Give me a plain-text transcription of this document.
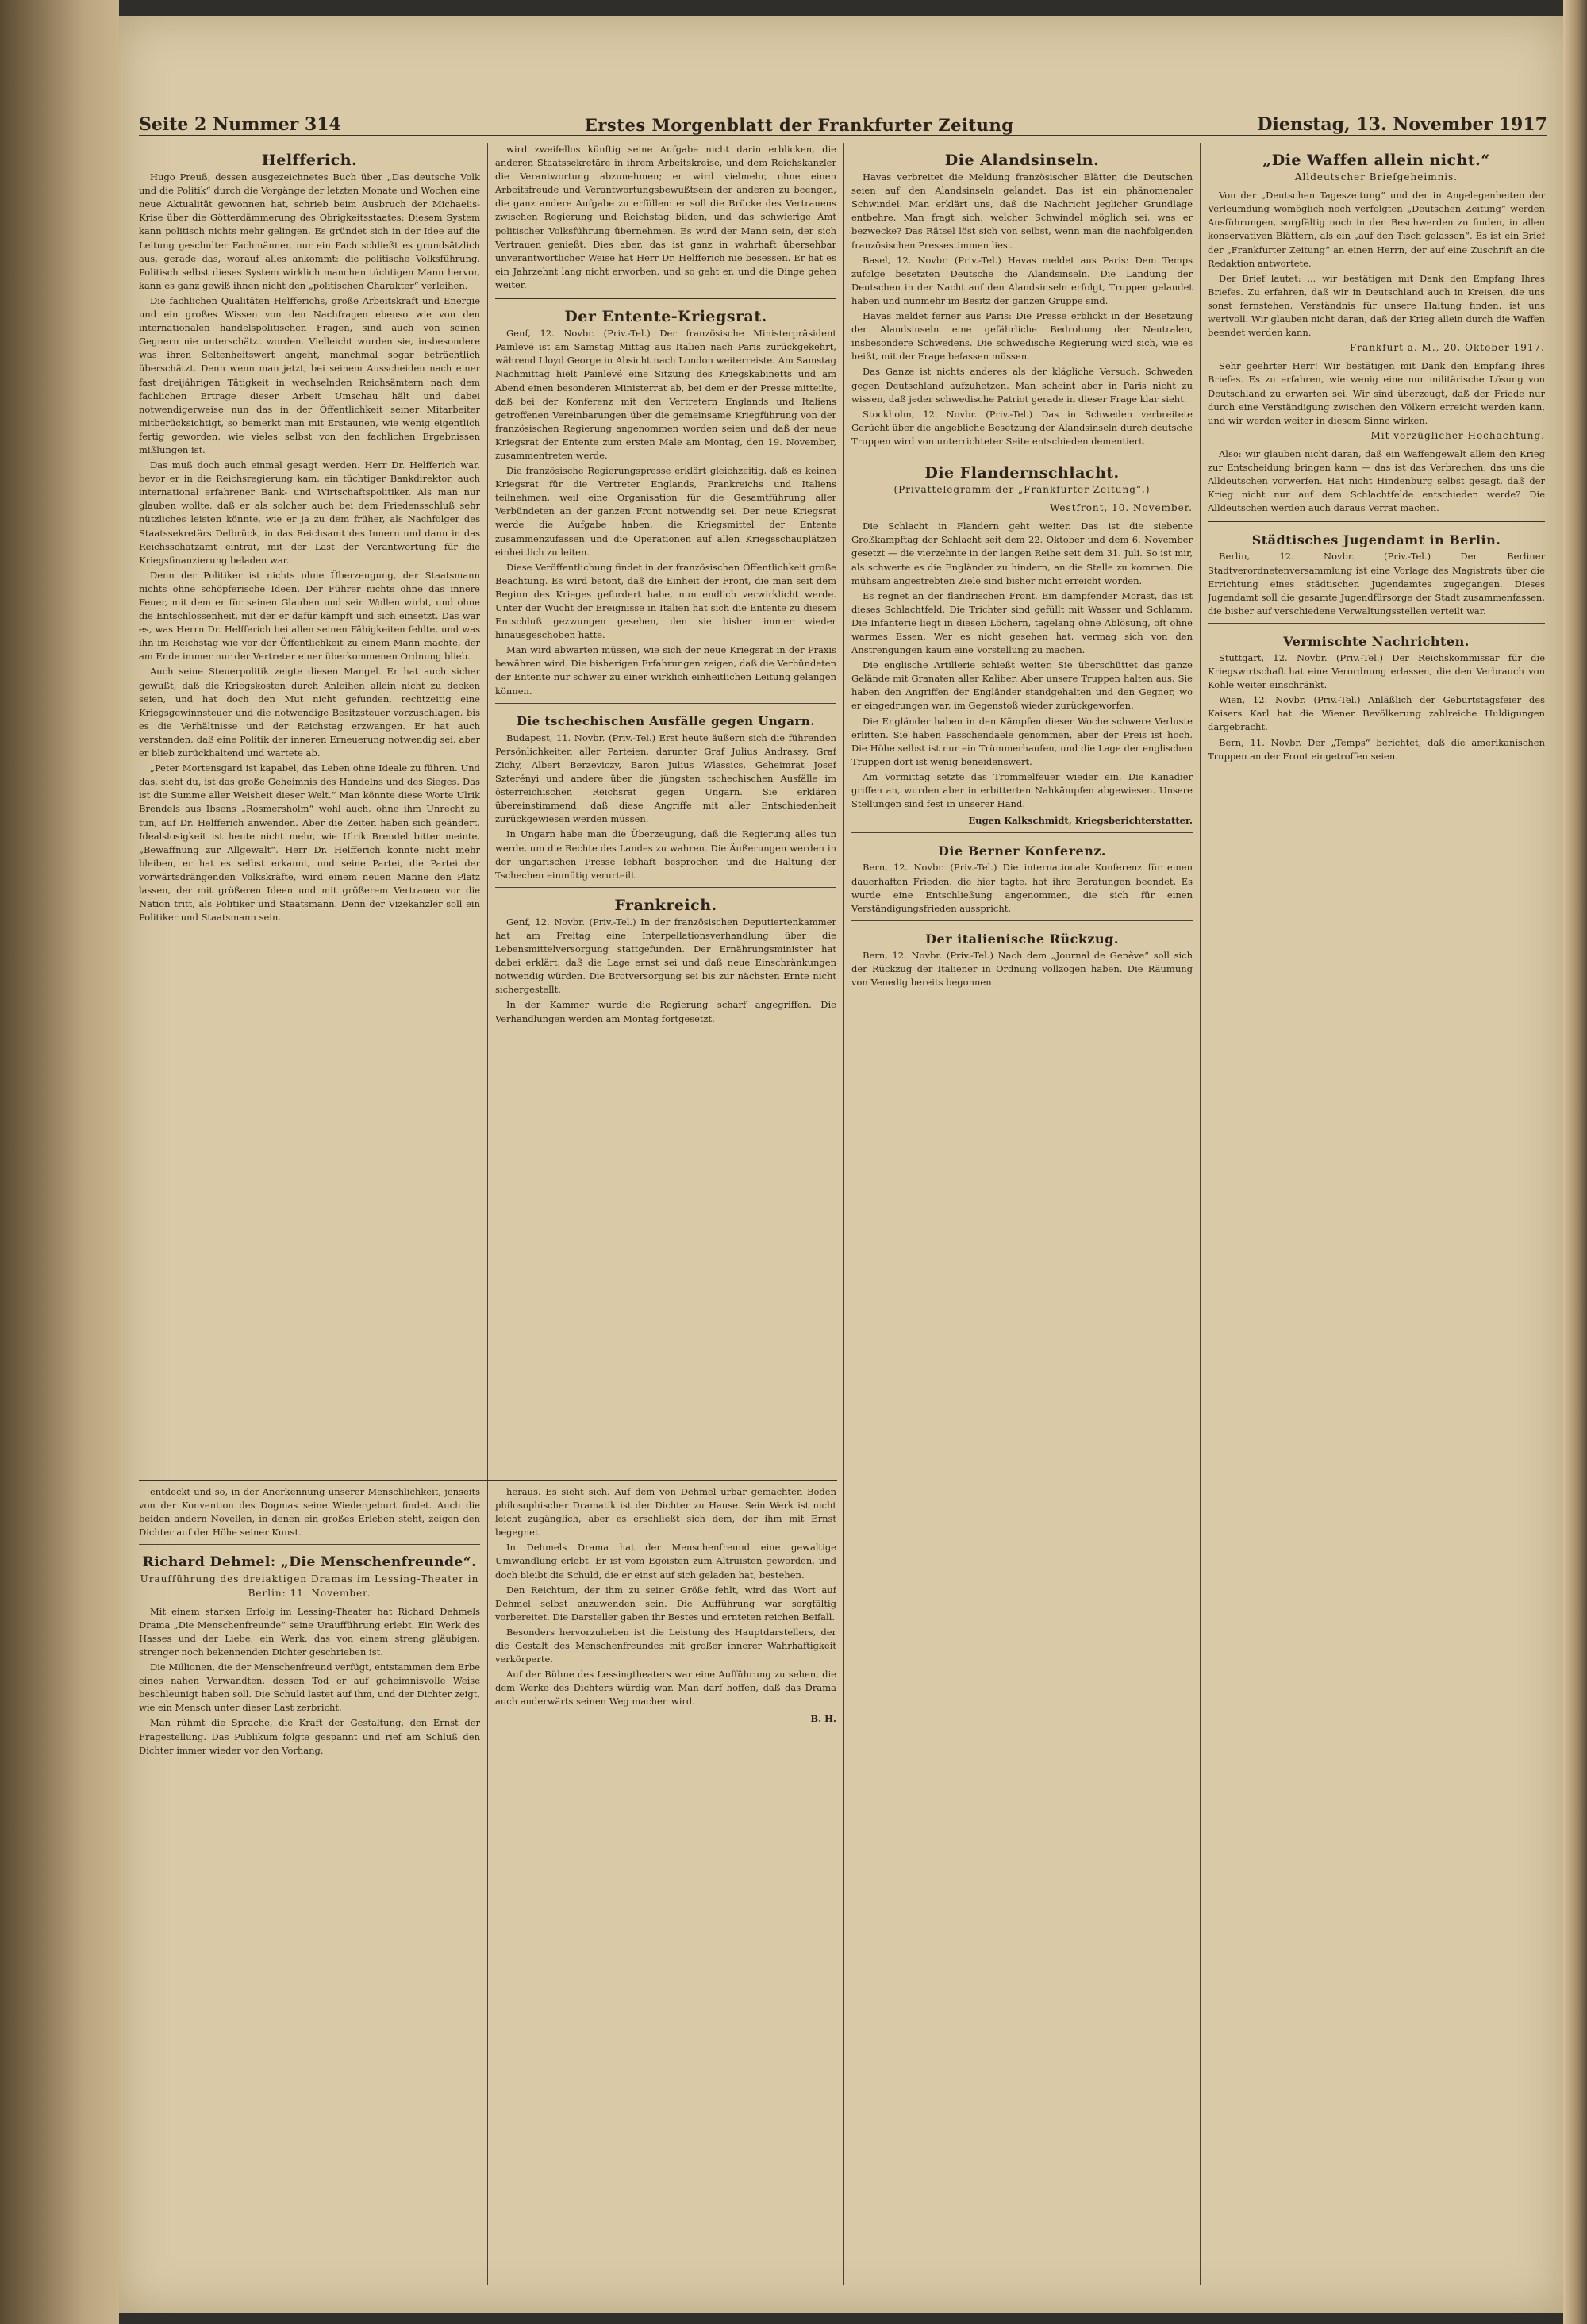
Seite 2 Nummer 314	Erstes Morgenblatt der Frankfurter Zeitung	Dienstag, 13. November 1917
Helfferich.

Hugo Preuß, dessen ausgezeichnetes Buch über „Das deutsche Volk und die Politik“ durch die Vorgänge der letzten Monate und Wochen eine neue Aktualität gewonnen hat, schrieb beim Ausbruch der Michaelis-Krise über die Götterdämmerung des Obrigkeitsstaates: Diesem System kann politisch nichts mehr gelingen. Es gründet sich in der Idee auf die Leitung geschulter Fachmänner, nur ein Fach schließt es grundsätzlich aus, gerade das, worauf alles ankommt: die politische Volksführung. Politisch selbst dieses System wirklich manchen tüchtigen Mann hervor, kann es ganz gewiß ihnen nicht den „politischen Charakter“ verleihen.

Die fachlichen Qualitäten Helfferichs, große Arbeitskraft und Energie und ein großes Wissen von den Nachfragen ebenso wie von den internationalen handelspolitischen Fragen, sind auch von seinen Gegnern nie unterschätzt worden. Vielleicht wurden sie, insbesondere was ihren Seltenheitswert angeht, manchmal sogar beträchtlich überschätzt. Denn wenn man jetzt, bei seinem Ausscheiden nach einer fast dreijährigen Tätigkeit in wechselnden Reichsämtern nach dem fachlichen Ertrage dieser Arbeit Umschau hält und dabei notwendigerweise nun das in der Öffentlichkeit seiner Mitarbeiter mitberücksichtigt, so bemerkt man mit Erstaunen, wie wenig eigentlich fertig geworden, wie vieles selbst von den fachlichen Ergebnissen mißlungen ist.

Das muß doch auch einmal gesagt werden. Herr Dr. Helfferich war, bevor er in die Reichsregierung kam, ein tüchtiger Bankdirektor, auch international erfahrener Bank- und Wirtschaftspolitiker. Als man nur glauben wollte, daß er als solcher auch bei dem Friedensschluß sehr nützliches leisten könnte, wie er ja zu dem früher, als Nachfolger des Staatssekretärs Delbrück, in das Reichsamt des Innern und dann in das Reichsschatzamt eintrat, mit der Last der Verantwortung für die Kriegsfinanzierung beladen war.

Denn der Politiker ist nichts ohne Überzeugung, der Staatsmann nichts ohne schöpferische Ideen. Der Führer nichts ohne das innere Feuer, mit dem er für seinen Glauben und sein Wollen wirbt, und ohne die Entschlossenheit, mit der er dafür kämpft und sich einsetzt. Das war es, was Herrn Dr. Helfferich bei allen seinen Fähigkeiten fehlte, und was ihn im Reichstag wie vor der Öffentlichkeit zu einem Mann machte, der am Ende immer nur der Vertreter einer überkommenen Ordnung blieb.

Auch seine Steuerpolitik zeigte diesen Mangel. Er hat auch sicher gewußt, daß die Kriegskosten durch Anleihen allein nicht zu decken seien, und hat doch den Mut nicht gefunden, rechtzeitig eine Kriegsgewinnsteuer und die notwendige Besitzsteuer vorzuschlagen, bis es die Verhältnisse und der Reichstag erzwangen. Er hat auch verstanden, daß eine Politik der inneren Erneuerung notwendig sei, aber er blieb zurückhaltend und wartete ab.

„Peter Mortensgard ist kapabel, das Leben ohne Ideale zu führen. Und das, sieht du, ist das große Geheimnis des Handelns und des Sieges. Das ist die Summe aller Weisheit dieser Welt.“ Man könnte diese Worte Ulrik Brendels aus Ibsens „Rosmersholm“ wohl auch, ohne ihm Unrecht zu tun, auf Dr. Helfferich anwenden. Aber die Zeiten haben sich geändert. Idealslosigkeit ist heute nicht mehr, wie Ulrik Brendel bitter meinte, „Bewaffnung zur Allgewalt“. Herr Dr. Helfferich konnte nicht mehr bleiben, er hat es selbst erkannt, und seine Partei, die Partei der vorwärtsdrängenden Volkskräfte, wird einem neuen Manne den Platz lassen, der mit größeren Ideen und mit größerem Vertrauen vor die Nation tritt, als Politiker und Staatsmann. Denn der Vizekanzler soll ein Politiker und Staatsmann sein.

wird zweifellos künftig seine Aufgabe nicht darin erblicken, die anderen Staatssekretäre in ihrem Arbeitskreise, und dem Reichskanzler die Verantwortung abzunehmen; er wird vielmehr, ohne einen Arbeitsfreude und Verantwortungsbewußtsein der anderen zu beengen, die ganz andere Aufgabe zu erfüllen: er soll die Brücke des Vertrauens zwischen Regierung und Reichstag bilden, und das schwierige Amt politischer Volksführung übernehmen. Es wird der Mann sein, der sich Vertrauen genießt. Dies aber, das ist ganz in wahrhaft übersehbar unverantwortlicher Weise hat Herr Dr. Helfferich nie besessen. Er hat es ein Jahrzehnt lang nicht erworben, und so geht er, und die Dinge gehen weiter.

Der Entente-Kriegsrat.

Genf, 12. Novbr. (Priv.-Tel.) Der französische Ministerpräsident Painlevé ist am Samstag Mittag aus Italien nach Paris zurückgekehrt, während Lloyd George in Absicht nach London weiterreiste. Am Samstag Nachmittag hielt Painlevé eine Sitzung des Kriegskabinetts und am Abend einen besonderen Ministerrat ab, bei dem er der Presse mitteilte, daß bei der Konferenz mit den Vertretern Englands und Italiens getroffenen Vereinbarungen über die gemeinsame Kriegführung von der französischen Regierung angenommen worden seien und daß der neue Kriegsrat der Entente zum ersten Male am Montag, den 19. November, zusammentreten werde.

Die französische Regierungspresse erklärt gleichzeitig, daß es keinen Kriegsrat für die Vertreter Englands, Frankreichs und Italiens teilnehmen, weil eine Organisation für die Gesamtführung aller Verbündeten an der ganzen Front notwendig sei. Der neue Kriegsrat werde die Aufgabe haben, die Kriegsmittel der Entente zusammenzufassen und die Operationen auf allen Kriegsschauplätzen einheitlich zu leiten.

Diese Veröffentlichung findet in der französischen Öffentlichkeit große Beachtung. Es wird betont, daß die Einheit der Front, die man seit dem Beginn des Krieges gefordert habe, nun endlich verwirklicht werde. Unter der Wucht der Ereignisse in Italien hat sich die Entente zu diesem Entschluß gezwungen gesehen, den sie bisher immer wieder hinausgeschoben hatte.

Man wird abwarten müssen, wie sich der neue Kriegsrat in der Praxis bewähren wird. Die bisherigen Erfahrungen zeigen, daß die Verbündeten der Entente nur schwer zu einer wirklich einheitlichen Leitung gelangen können.

Die tschechischen Ausfälle gegen Ungarn.

Budapest, 11. Novbr. (Priv.-Tel.) Erst heute äußern sich die führenden Persönlichkeiten aller Parteien, darunter Graf Julius Andrassy, Graf Zichy, Albert Berzeviczy, Baron Julius Wlassics, Geheimrat Josef Szterényi und andere über die jüngsten tschechischen Ausfälle im österreichischen Reichsrat gegen Ungarn. Sie erklären übereinstimmend, daß diese Angriffe mit aller Entschiedenheit zurückgewiesen werden müssen.

In Ungarn habe man die Überzeugung, daß die Regierung alles tun werde, um die Rechte des Landes zu wahren. Die Äußerungen werden in der ungarischen Presse lebhaft besprochen und die Haltung der Tschechen einmütig verurteilt.

Frankreich.

Genf, 12. Novbr. (Priv.-Tel.) In der französischen Deputiertenkammer hat am Freitag eine Interpellationsverhandlung über die Lebensmittelversorgung stattgefunden. Der Ernährungsminister hat dabei erklärt, daß die Lage ernst sei und daß neue Einschränkungen notwendig würden. Die Brotversorgung sei bis zur nächsten Ernte nicht sichergestellt.

In der Kammer wurde die Regierung scharf angegriffen. Die Verhandlungen werden am Montag fortgesetzt.

Die Alandsinseln.

Havas verbreitet die Meldung französischer Blätter, die Deutschen seien auf den Alandsinseln gelandet. Das ist ein phänomenaler Schwindel. Man erklärt uns, daß die Nachricht jeglicher Grundlage entbehre. Man fragt sich, welcher Schwindel möglich sei, was er bezwecke? Das Rätsel löst sich von selbst, wenn man die nachfolgenden französischen Pressestimmen liest.

Basel, 12. Novbr. (Priv.-Tel.) Havas meldet aus Paris: Dem Temps zufolge besetzten Deutsche die Alandsinseln. Die Landung der Deutschen in der Nacht auf den Alandsinseln erfolgt, Truppen gelandet haben und nunmehr im Besitz der ganzen Gruppe sind.

Havas meldet ferner aus Paris: Die Presse erblickt in der Besetzung der Alandsinseln eine gefährliche Bedrohung der Neutralen, insbesondere Schwedens. Die schwedische Regierung wird sich, wie es heißt, mit der Frage befassen müssen.

Das Ganze ist nichts anderes als der klägliche Versuch, Schweden gegen Deutschland aufzuhetzen. Man scheint aber in Paris nicht zu wissen, daß jeder schwedische Patriot gerade in dieser Frage klar sieht.

Stockholm, 12. Novbr. (Priv.-Tel.) Das in Schweden verbreitete Gerücht über die angebliche Besetzung der Alandsinseln durch deutsche Truppen wird von unterrichteter Seite entschieden dementiert.

Die Flandernschlacht.
(Privattelegramm der „Frankfurter Zeitung“.)
Westfront, 10. November.

Die Schlacht in Flandern geht weiter. Das ist die siebente Großkampftag der Schlacht seit dem 22. Oktober und dem 6. November gesetzt — die vierzehnte in der langen Reihe seit dem 31. Juli. So ist mir, als schwerte es die Engländer zu hindern, an die Stelle zu kommen. Die mühsam angestrebten Ziele sind bisher nicht erreicht worden.

Es regnet an der flandrischen Front. Ein dampfender Morast, das ist dieses Schlachtfeld. Die Trichter sind gefüllt mit Wasser und Schlamm. Die Infanterie liegt in diesen Löchern, tagelang ohne Ablösung, oft ohne warmes Essen. Wer es nicht gesehen hat, vermag sich von den Anstrengungen kaum eine Vorstellung zu machen.

Die englische Artillerie schießt weiter. Sie überschüttet das ganze Gelände mit Granaten aller Kaliber. Aber unsere Truppen halten aus. Sie haben den Angriffen der Engländer standgehalten und den Gegner, wo er eingedrungen war, im Gegenstoß wieder zurückgeworfen.

Die Engländer haben in den Kämpfen dieser Woche schwere Verluste erlitten. Sie haben Passchendaele genommen, aber der Preis ist hoch. Die Höhe selbst ist nur ein Trümmerhaufen, und die Lage der englischen Truppen dort ist wenig beneidenswert.

Am Vormittag setzte das Trommelfeuer wieder ein. Die Kanadier griffen an, wurden aber in erbitterten Nahkämpfen abgewiesen. Unsere Stellungen sind fest in unserer Hand.

Eugen Kalkschmidt, Kriegsberichterstatter.
Die Berner Konferenz.

Bern, 12. Novbr. (Priv.-Tel.) Die internationale Konferenz für einen dauerhaften Frieden, die hier tagte, hat ihre Beratungen beendet. Es wurde eine Entschließung angenommen, die sich für einen Verständigungsfrieden ausspricht.

Der italienische Rückzug.

Bern, 12. Novbr. (Priv.-Tel.) Nach dem „Journal de Genève“ soll sich der Rückzug der Italiener in Ordnung vollzogen haben. Die Räumung von Venedig bereits begonnen.

„Die Waffen allein nicht.“
Alldeutscher Briefgeheimnis.

Von der „Deutschen Tageszeitung“ und der in Angelegenheiten der Verleumdung womöglich noch verfolgten „Deutschen Zeitung“ werden Ausführungen, sorgfältig noch in den Beschwerden zu finden, in allen konservativen Blättern, als ein „auf den Tisch gelassen“. Es ist ein Brief der „Frankfurter Zeitung“ an einen Herrn, der auf eine Zuschrift an die Redaktion antwortete.

Der Brief lautet: ... wir bestätigen mit Dank den Empfang Ihres Briefes. Zu erfahren, daß wir in Deutschland auch in Kreisen, die uns sonst fernstehen, Verständnis für unsere Haltung finden, ist uns wertvoll. Wir glauben nicht daran, daß der Krieg allein durch die Waffen beendet werden kann.

Frankfurt a. M., 20. Oktober 1917.

Sehr geehrter Herr! Wir bestätigen mit Dank den Empfang Ihres Briefes. Es zu erfahren, wie wenig eine nur militärische Lösung von Deutschland zu erwarten sei. Wir sind überzeugt, daß der Friede nur durch eine Verständigung zwischen den Völkern erreicht werden kann, und wir werden weiter in diesem Sinne wirken.

Mit vorzüglicher Hochachtung.

Also: wir glauben nicht daran, daß ein Waffengewalt allein den Krieg zur Entscheidung bringen kann — das ist das Verbrechen, das uns die Alldeutschen vorwerfen. Hat nicht Hindenburg selbst gesagt, daß der Krieg nicht nur auf dem Schlachtfelde entschieden werde? Die Alldeutschen werden auch daraus Verrat machen.

Städtisches Jugendamt in Berlin.

Berlin, 12. Novbr. (Priv.-Tel.) Der Berliner Stadtverordnetenversammlung ist eine Vorlage des Magistrats über die Errichtung eines städtischen Jugendamtes zugegangen. Dieses Jugendamt soll die gesamte Jugendfürsorge der Stadt zusammenfassen, die bisher auf verschiedene Verwaltungsstellen verteilt war.

Vermischte Nachrichten.

Stuttgart, 12. Novbr. (Priv.-Tel.) Der Reichskommissar für die Kriegswirtschaft hat eine Verordnung erlassen, die den Verbrauch von Kohle weiter einschränkt.

Wien, 12. Novbr. (Priv.-Tel.) Anläßlich der Geburtstagsfeier des Kaisers Karl hat die Wiener Bevölkerung zahlreiche Huldigungen dargebracht.

Bern, 11. Novbr. Der „Temps“ berichtet, daß die amerikanischen Truppen an der Front eingetroffen seien.

entdeckt und so, in der Anerkennung unserer Menschlichkeit, jenseits von der Konvention des Dogmas seine Wiedergeburt findet. Auch die beiden andern Novellen, in denen ein großes Erleben steht, zeigen den Dichter auf der Höhe seiner Kunst.

Richard Dehmel: „Die Menschenfreunde“.
Uraufführung des dreiaktigen Dramas im Lessing-Theater in Berlin: 11. November.

Mit einem starken Erfolg im Lessing-Theater hat Richard Dehmels Drama „Die Menschenfreunde“ seine Uraufführung erlebt. Ein Werk des Hasses und der Liebe, ein Werk, das von einem streng gläubigen, strenger noch bekennenden Dichter geschrieben ist.

Die Millionen, die der Menschenfreund verfügt, entstammen dem Erbe eines nahen Verwandten, dessen Tod er auf geheimnisvolle Weise beschleunigt haben soll. Die Schuld lastet auf ihm, und der Dichter zeigt, wie ein Mensch unter dieser Last zerbricht.

Man rühmt die Sprache, die Kraft der Gestaltung, den Ernst der Fragestellung. Das Publikum folgte gespannt und rief am Schluß den Dichter immer wieder vor den Vorhang.

heraus. Es sieht sich. Auf dem von Dehmel urbar gemachten Boden philosophischer Dramatik ist der Dichter zu Hause. Sein Werk ist nicht leicht zugänglich, aber es erschließt sich dem, der ihm mit Ernst begegnet.

In Dehmels Drama hat der Menschenfreund eine gewaltige Umwandlung erlebt. Er ist vom Egoisten zum Altruisten geworden, und doch bleibt die Schuld, die er einst auf sich geladen hat, bestehen.

Den Reichtum, der ihm zu seiner Größe fehlt, wird das Wort auf Dehmel selbst anzuwenden sein. Die Aufführung war sorgfältig vorbereitet. Die Darsteller gaben ihr Bestes und ernteten reichen Beifall.

Besonders hervorzuheben ist die Leistung des Hauptdarstellers, der die Gestalt des Menschenfreundes mit großer innerer Wahrhaftigkeit verkörperte.

Auf der Bühne des Lessingtheaters war eine Aufführung zu sehen, die dem Werke des Dichters würdig war. Man darf hoffen, daß das Drama auch anderwärts seinen Weg machen wird.

B. H.
